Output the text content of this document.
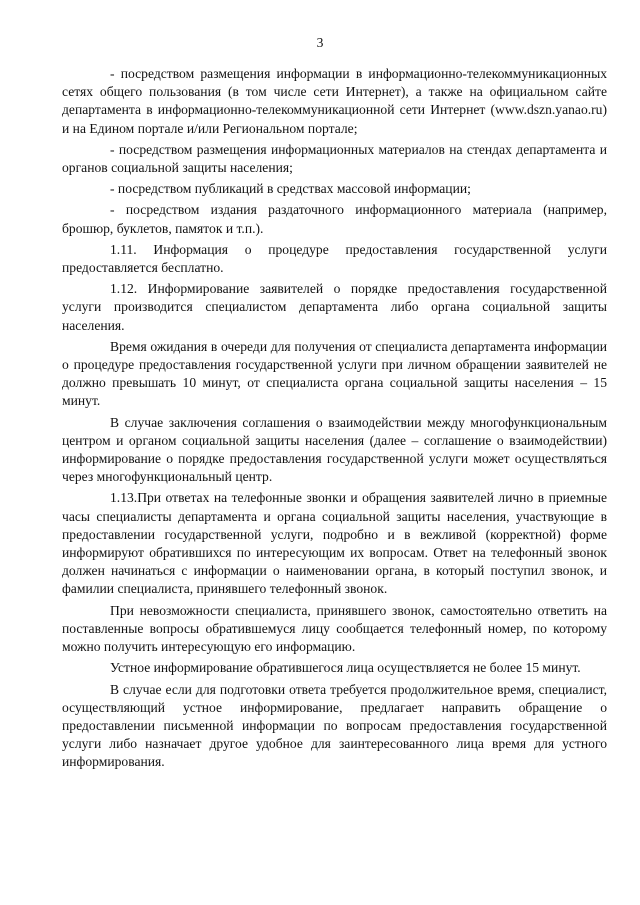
3

- посредством размещения информации в информационно-телекоммуникационных сетях общего пользования (в том числе сети Интернет), а также на официальном сайте департамента в информационно-телекоммуникационной сети Интернет (www.dszn.yanao.ru) и на Едином портале и/или Региональном портале;

- посредством размещения информационных материалов на стендах департамента и органов социальной защиты населения;

- посредством публикаций в средствах массовой информации;

- посредством издания раздаточного информационного материала (например, брошюр, буклетов, памяток и т.п.).

1.11. Информация о процедуре предоставления государственной услуги предоставляется бесплатно.

1.12. Информирование заявителей о порядке предоставления государственной услуги производится специалистом департамента либо органа социальной защиты населения.

Время ожидания в очереди для получения от специалиста департамента информации о процедуре предоставления государственной услуги при личном обращении заявителей не должно превышать 10 минут, от специалиста органа социальной защиты населения – 15 минут.

В случае заключения соглашения о взаимодействии между многофункциональным центром и органом социальной защиты населения (далее – соглашение о взаимодействии) информирование о порядке предоставления государственной услуги может осуществляться через многофункциональный центр.

1.13.При ответах на телефонные звонки и обращения заявителей лично в приемные часы специалисты департамента и органа социальной защиты населения, участвующие в предоставлении государственной услуги, подробно и в вежливой (корректной) форме информируют обратившихся по интересующим их вопросам. Ответ на телефонный звонок должен начинаться с информации о наименовании органа, в который поступил звонок, и фамилии специалиста, принявшего телефонный звонок.

При невозможности специалиста, принявшего звонок, самостоятельно ответить на поставленные вопросы обратившемуся лицу сообщается телефонный номер, по которому можно получить интересующую его информацию.

Устное информирование обратившегося лица осуществляется не более 15 минут.

В случае если для подготовки ответа требуется продолжительное время, специалист, осуществляющий устное информирование, предлагает направить обращение о предоставлении письменной информации по вопросам предоставления государственной услуги либо назначает другое удобное для заинтересованного лица время для устного информирования.
